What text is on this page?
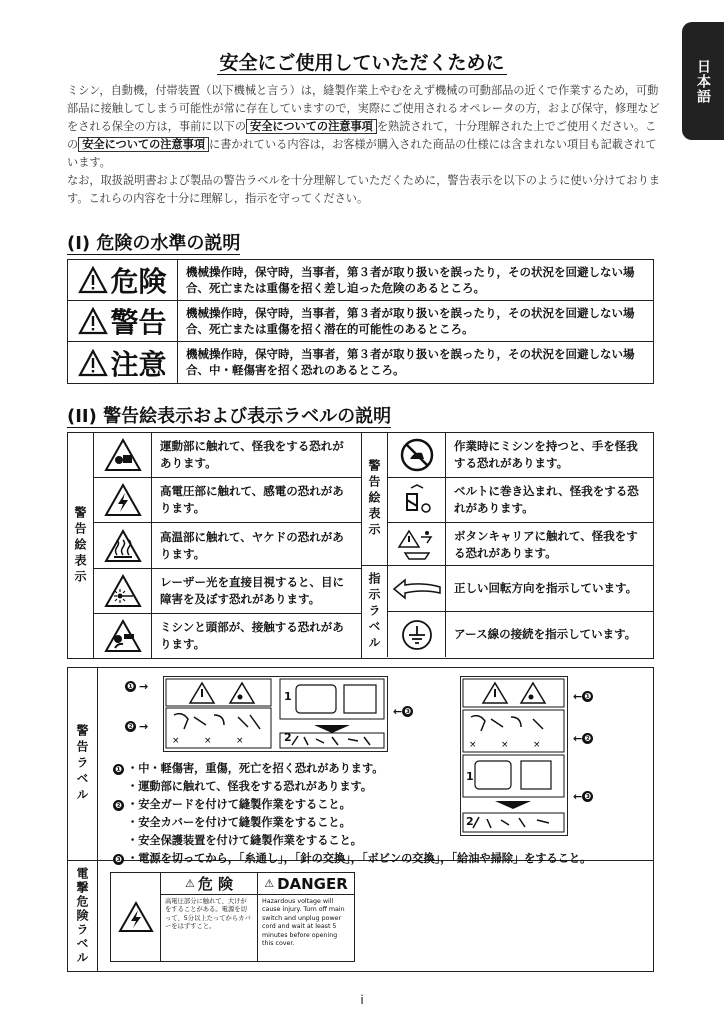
日本語
安全にご使用していただくために
ミシン，自動機，付帯装置（以下機械と言う）は，縫製作業上やむをえず機械の可動部品の近くで作業するため，可動部品に接触してしまう可能性が常に存在していますので，実際にご使用されるオペレータの方，および保守，修理などをされる保全の方は，事前に以下の 安全についての注意事項 を熟読されて，十分理解された上でご使用ください。この 安全についての注意事項 に書かれている内容は，お客様が購入された商品の仕様には含まれない項目も記載されています。
なお，取扱説明書および製品の警告ラベルを十分理解していただくために，警告表示を以下のように使い分けております。これらの内容を十分に理解し，指示を守ってください。
(I) 危険の水準の説明
危険	機械操作時，保守時，当事者，第３者が取り扱いを誤ったり，その状況を回避しない場合、死亡または重傷を招く差し迫った危険のあるところ。
警告	機械操作時，保守時，当事者，第３者が取り扱いを誤ったり，その状況を回避しない場合、死亡または重傷を招く潜在的可能性のあるところ。
注意	機械操作時，保守時，当事者，第３者が取り扱いを誤ったり，その状況を回避しない場合、中・軽傷害を招く恐れのあるところ。
(II) 警告絵表示および表示ラベルの説明
警告絵表示
運動部に触れて、怪我をする恐れがあります。
高電圧部に触れて、感電の恐れがあります。
高温部に触れて、ヤケドの恐れがあります。
レーザー光を直接目視すると、目に障害を及ぼす恐れがあります。
ミシンと頭部が、接触する恐れがあります。
警告絵表示
作業時にミシンを持つと、手を怪我する恐れがあります。
ベルトに巻き込まれ、怪我をする恐れがあります。
ボタンキャリアに触れて、怪我をする恐れがあります。
指示ラベル	正しい回転方向を指示しています。
アース線の接続を指示しています。
警告ラベル
電撃危険ラベル
×	×	×
❶ →
❷ →
← ❸
1
2
×	×	×
← ❶
← ❷
← ❸
1
2
❶ ・中・軽傷害，重傷，死亡を招く恐れがあります。
・運動部に触れて、怪我をする恐れがあります。
❷ ・安全ガードを付けて縫製作業をすること。
・安全カバーを付けて縫製作業をすること。
・安全保護装置を付けて縫製作業をすること。
❸ ・電源を切ってから，「糸通し」，「針の交換」，「ボビンの交換」，「給油や掃除」をすること。
⚠ 危 険
高電圧部分に触れて、大けがをすることがある。電源を切って、5分以上たってからカバーをはずすこと。
⚠ DANGER
Hazardous voltage will cause injury. Turn off main switch and unplug power cord and wait at least 5 minutes before opening this cover.
i
